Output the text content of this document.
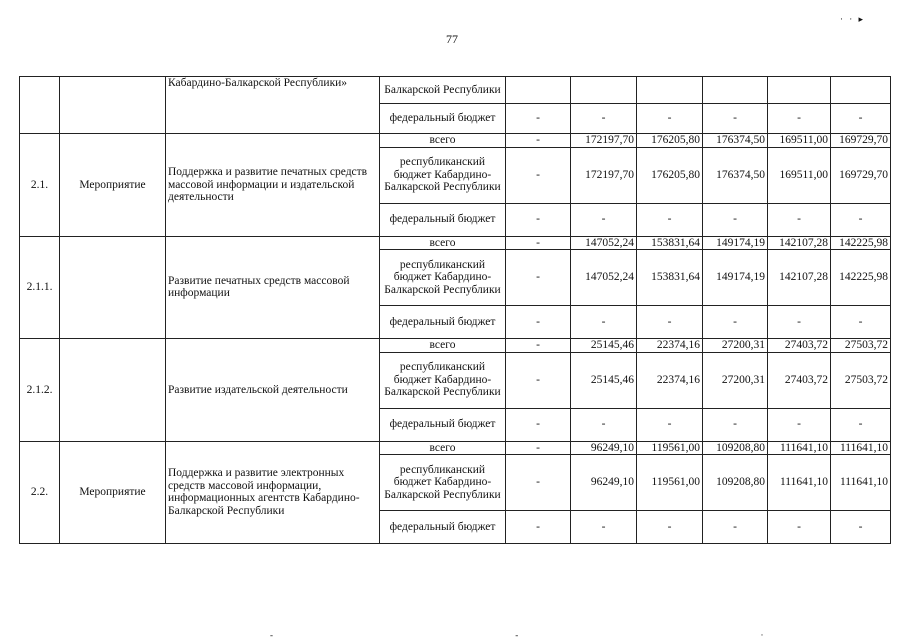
77
· · ▸
		Кабардино-Балкарской Республики»	Балкарской Республики						
			федеральный бюджет	-	-	-	-	-	-
2.1.	Мероприятие	Поддержка и развитие печатных средств массовой информации и издательской деятельности	всего	-	172197,70	176205,80	176374,50	169511,00	169729,70
			республиканский бюджет Кабардино-Балкарской Республики	-	172197,70	176205,80	176374,50	169511,00	169729,70
			федеральный бюджет	-	-	-	-	-	-
2.1.1.		Развитие печатных средств массовой информации	всего	-	147052,24	153831,64	149174,19	142107,28	142225,98
			республиканский бюджет Кабардино-Балкарской Республики	-	147052,24	153831,64	149174,19	142107,28	142225,98
			федеральный бюджет	-	-	-	-	-	-
2.1.2.		Развитие издательской деятельности	всего	-	25145,46	22374,16	27200,31	27403,72	27503,72
			республиканский бюджет Кабардино-Балкарской Республики	-	25145,46	22374,16	27200,31	27403,72	27503,72
			федеральный бюджет	-	-	-	-	-	-
2.2.	Мероприятие	Поддержка и развитие электронных средств массовой информации, информационных агентств Кабардино-Балкарской Республики	всего	-	96249,10	119561,00	109208,80	111641,10	111641,10
			республиканский бюджет Кабардино-Балкарской Республики	-	96249,10	119561,00	109208,80	111641,10	111641,10
			федеральный бюджет	-	-	-	-	-	-
- - ·
